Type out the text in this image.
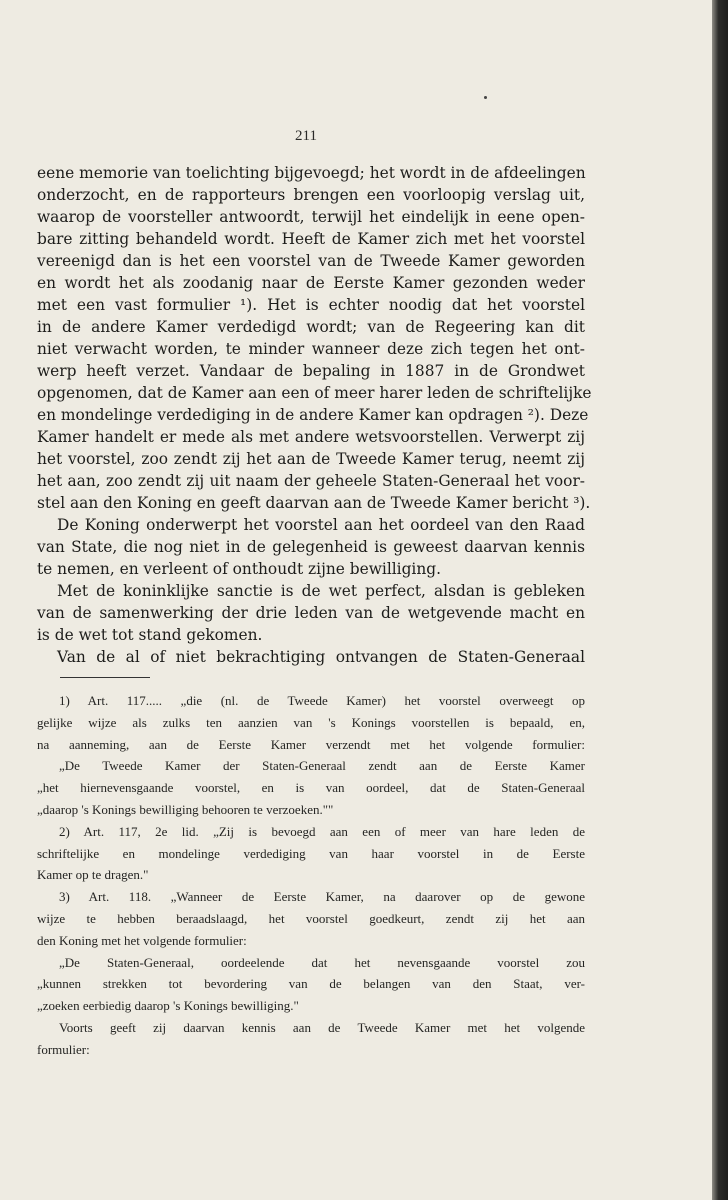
211
eene memorie van toelichting bijgevoegd; het wordt in de afdeelingen
onderzocht, en de rapporteurs brengen een voorloopig verslag uit,
waarop de voorsteller antwoordt, terwijl het eindelijk in eene open-
bare zitting behandeld wordt. Heeft de Kamer zich met het voorstel
vereenigd dan is het een voorstel van de Tweede Kamer geworden
en wordt het als zoodanig naar de Eerste Kamer gezonden weder
met een vast formulier ¹). Het is echter noodig dat het voorstel
in de andere Kamer verdedigd wordt; van de Regeering kan dit
niet verwacht worden, te minder wanneer deze zich tegen het ont-
werp heeft verzet. Vandaar de bepaling in 1887 in de Grondwet
opgenomen, dat de Kamer aan een of meer harer leden de schriftelijke
en mondelinge verdediging in de andere Kamer kan opdragen ²). Deze
Kamer handelt er mede als met andere wetsvoorstellen. Verwerpt zij
het voorstel, zoo zendt zij het aan de Tweede Kamer terug, neemt zij
het aan, zoo zendt zij uit naam der geheele Staten-Generaal het voor-
stel aan den Koning en geeft daarvan aan de Tweede Kamer bericht ³).
De Koning onderwerpt het voorstel aan het oordeel van den Raad
van State, die nog niet in de gelegenheid is geweest daarvan kennis
te nemen, en verleent of onthoudt zijne bewilliging.
Met de koninklijke sanctie is de wet perfect, alsdan is gebleken
van de samenwerking der drie leden van de wetgevende macht en
is de wet tot stand gekomen.
Van de al of niet bekrachtiging ontvangen de Staten-Generaal
1) Art. 117..... „die (nl. de Tweede Kamer) het voorstel overweegt op
gelijke wijze als zulks ten aanzien van 's Konings voorstellen is bepaald, en,
na aanneming, aan de Eerste Kamer verzendt met het volgende formulier:
„De Tweede Kamer der Staten-Generaal zendt aan de Eerste Kamer
„het hiernevensgaande voorstel, en is van oordeel, dat de Staten-Generaal
„daarop 's Konings bewilliging behooren te verzoeken.""
2) Art. 117, 2e lid. „Zij is bevoegd aan een of meer van hare leden de
schriftelijke en mondelinge verdediging van haar voorstel in de Eerste
Kamer op te dragen."
3) Art. 118. „Wanneer de Eerste Kamer, na daarover op de gewone
wijze te hebben beraadslaagd, het voorstel goedkeurt, zendt zij het aan
den Koning met het volgende formulier:
„De Staten-Generaal, oordeelende dat het nevensgaande voorstel zou
„kunnen strekken tot bevordering van de belangen van den Staat, ver-
„zoeken eerbiedig daarop 's Konings bewilliging."
Voorts geeft zij daarvan kennis aan de Tweede Kamer met het volgende
formulier:
